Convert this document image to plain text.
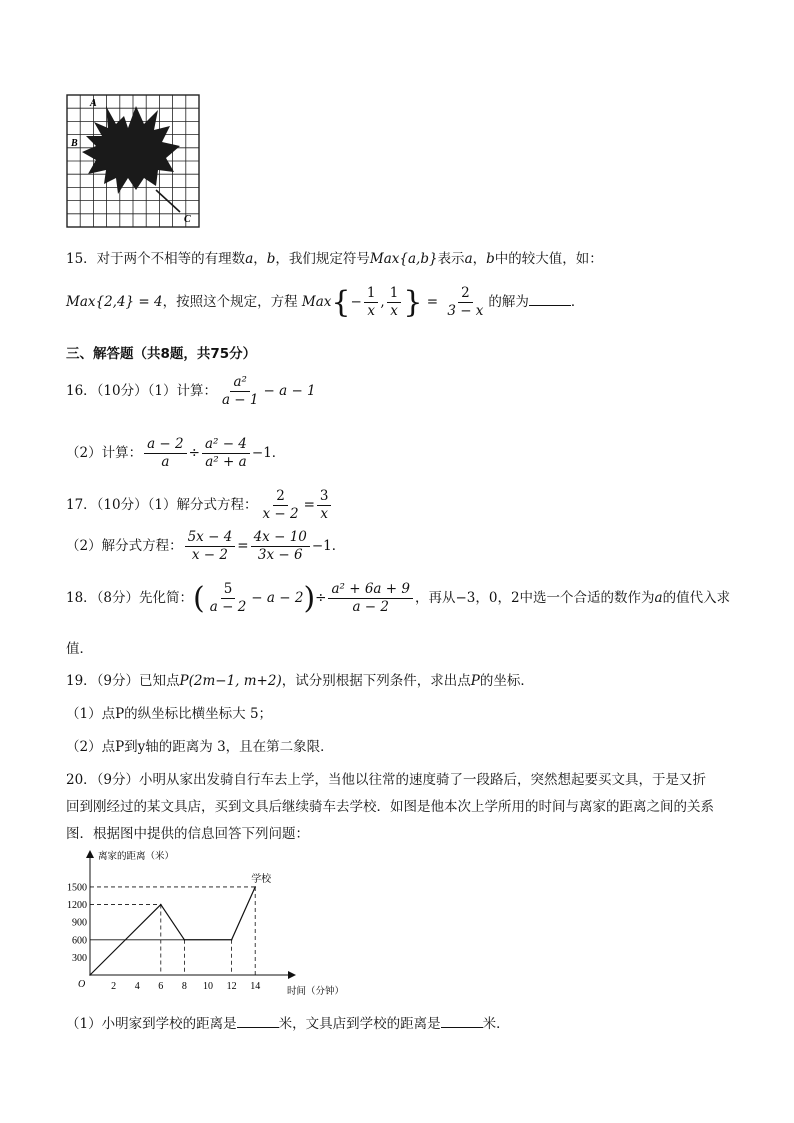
A
B
C
15．对于两个不相等的有理数a，b，我们规定符号Max{a,b}表示a，b中的较大值，如：
Max{2,4} = 4，按照这个规定，方程 $Max\{- \frac{1}{x}$ , $\frac{1}{x}$ } = $\frac{2}{3 - x}$ 的解为	．
三、解答题（共8题，共75分）
16．（10分）（1）计算： $\frac{\text{a²}}{a - 1} - a - 1$
（2）计算： $\frac{a - 2}{a} \div \frac{\text{a² − 4}}{\text{a² + a}} -1$．
17．（10分）（1）解分式方程： $\frac{2}{x - 2} = \frac{3}{x}$
（2）解分式方程： $\frac{5x - 4}{x - 2} = \frac{4x - 10}{3x - 6} -1$．
18．（8分）先化简：( $\frac{5}{a - 2} - a - 2)\div \frac{\text{a² + 6a + 9}}{a - 2}$ ，再从−3，0，2中选一个合适的数作为a的值代入求
值．
19．（9分）已知点P(2m−1, m+2)，试分别根据下列条件，求出点P的坐标．
（1）点P的纵坐标比横坐标大 5；
（2）点P到y轴的距离为 3，且在第二象限．
20．（9分）小明从家出发骑自行车去上学，当他以往常的速度骑了一段路后，突然想起要买文具，于是又折
回到刚经过的某文具店，买到文具后继续骑车去学校．如图是他本次上学所用的时间与离家的距离之间的关系
图．根据图中提供的信息回答下列问题：
离家的距离（米）
时间（分钟）
O
300
600
900
1200
1500
2 4 6 8 10 12 14
学校
（1）小明家到学校的距离是	米，文具店到学校的距离是	米．
